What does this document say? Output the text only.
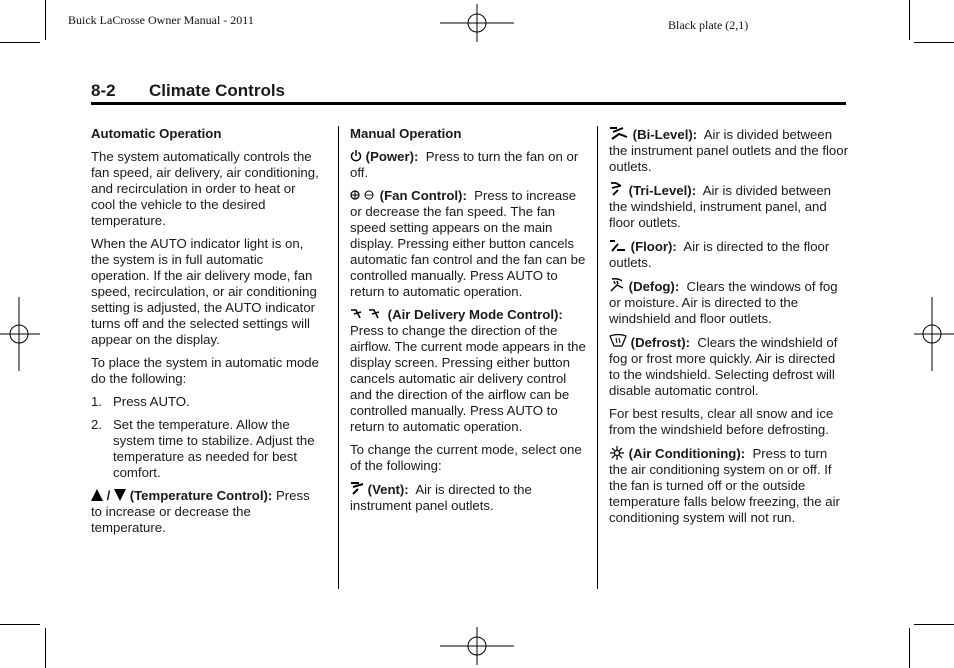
Buick LaCrosse Owner Manual - 2011	Black plate (2,1)
8-2 Climate Controls
Automatic Operation

The system automatically controls the fan speed, air delivery, air conditioning, and recirculation in order to heat or cool the vehicle to the desired temperature.

When the AUTO indicator light is on, the system is in full automatic operation. If the air delivery mode, fan speed, recirculation, or air conditioning setting is adjusted, the AUTO indicator turns off and the selected settings will appear on the display.

To place the system in automatic mode do the following:

1. Press AUTO.
2. Set the temperature. Allow the system time to stabilize. Adjust the temperature as needed for best comfort.

/ (Temperature Control): Press to increase or decrease the temperature.

Manual Operation

(Power): Press to turn the fan on or off.

(Fan Control): Press to increase or decrease the fan speed. The fan speed setting appears on the main display. Pressing either button cancels automatic fan control and the fan can be controlled manually. Press AUTO to return to automatic operation.

(Air Delivery Mode Control):  Press to change the direction of the airflow. The current mode appears in the display screen. Pressing either button cancels automatic air delivery control and the direction of the airflow can be controlled manually. Press AUTO to return to automatic operation.

To change the current mode, select one of the following:

(Vent): Air is directed to the instrument panel outlets.

(Bi-Level): Air is divided between the instrument panel outlets and the floor outlets.

(Tri-Level): Air is divided between the windshield, instrument panel, and floor outlets.

(Floor): Air is directed to the floor outlets.

(Defog): Clears the windows of fog or moisture. Air is directed to the windshield and floor outlets.

(Defrost): Clears the windshield of fog or frost more quickly. Air is directed to the windshield. Selecting defrost will disable automatic control.

For best results, clear all snow and ice from the windshield before defrosting.

(Air Conditioning): Press to turn the air conditioning system on or off. If the fan is turned off or the outside temperature falls below freezing, the air conditioning system will not run.
